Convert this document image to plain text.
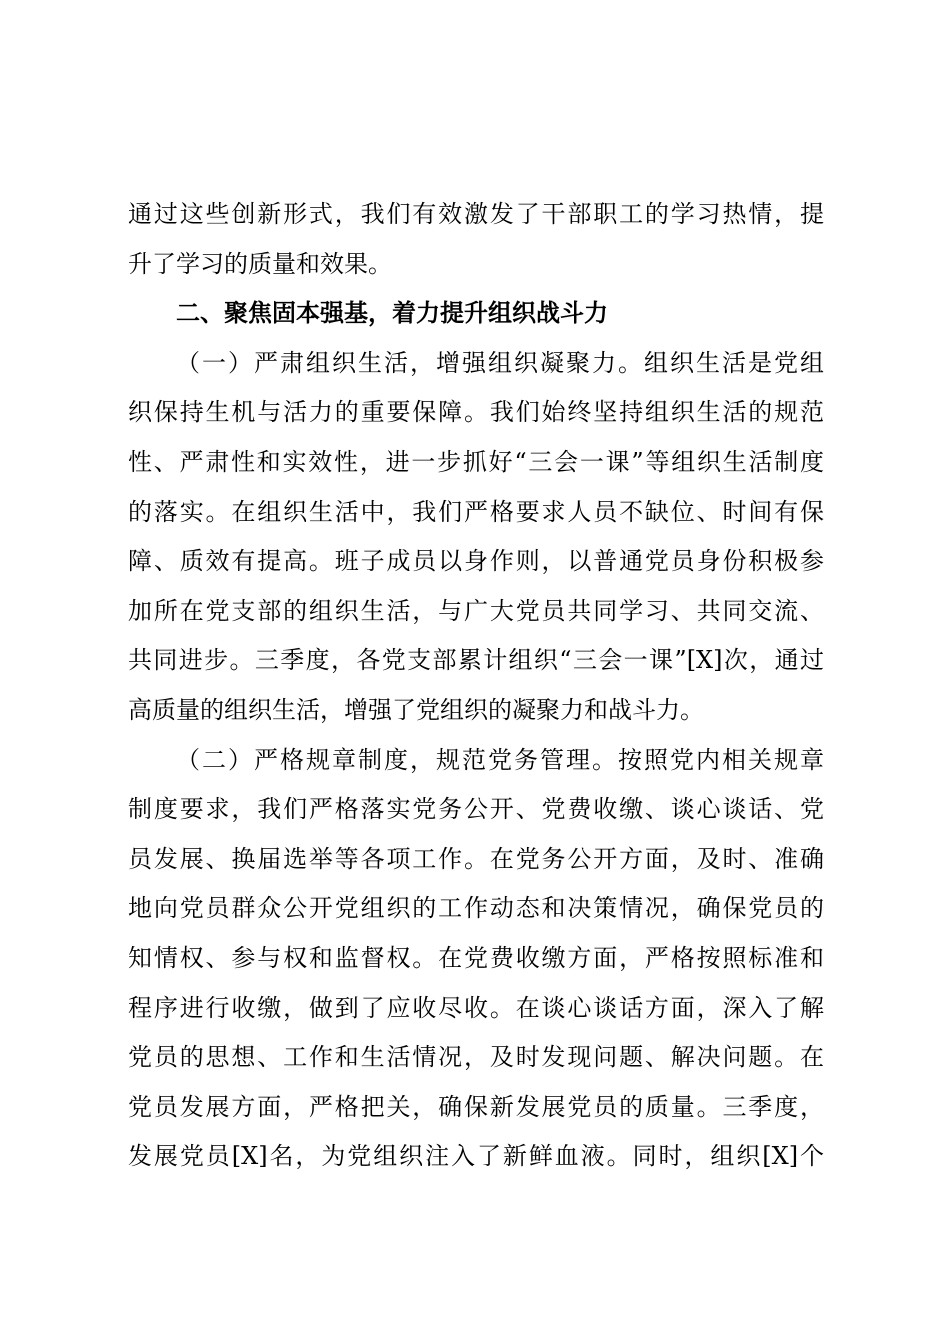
通过这些创新形式，我们有效激发了干部职工的学习热情，提
升了学习的质量和效果。
二、聚焦固本强基，着力提升组织战斗力
（一）严肃组织生活，增强组织凝聚力。组织生活是党组
织保持生机与活力的重要保障。我们始终坚持组织生活的规范
性、严肃性和实效性，进一步抓好“三会一课”等组织生活制度
的落实。在组织生活中，我们严格要求人员不缺位、时间有保
障、质效有提高。班子成员以身作则，以普通党员身份积极参
加所在党支部的组织生活，与广大党员共同学习、共同交流、
共同进步。三季度，各党支部累计组织“三会一课”[X]次，通过
高质量的组织生活，增强了党组织的凝聚力和战斗力。
（二）严格规章制度，规范党务管理。按照党内相关规章
制度要求，我们严格落实党务公开、党费收缴、谈心谈话、党
员发展、换届选举等各项工作。在党务公开方面，及时、准确
地向党员群众公开党组织的工作动态和决策情况，确保党员的
知情权、参与权和监督权。在党费收缴方面，严格按照标准和
程序进行收缴，做到了应收尽收。在谈心谈话方面，深入了解
党员的思想、工作和生活情况，及时发现问题、解决问题。在
党员发展方面，严格把关，确保新发展党员的质量。三季度，
发展党员[X]名，为党组织注入了新鲜血液。同时，组织[X]个
